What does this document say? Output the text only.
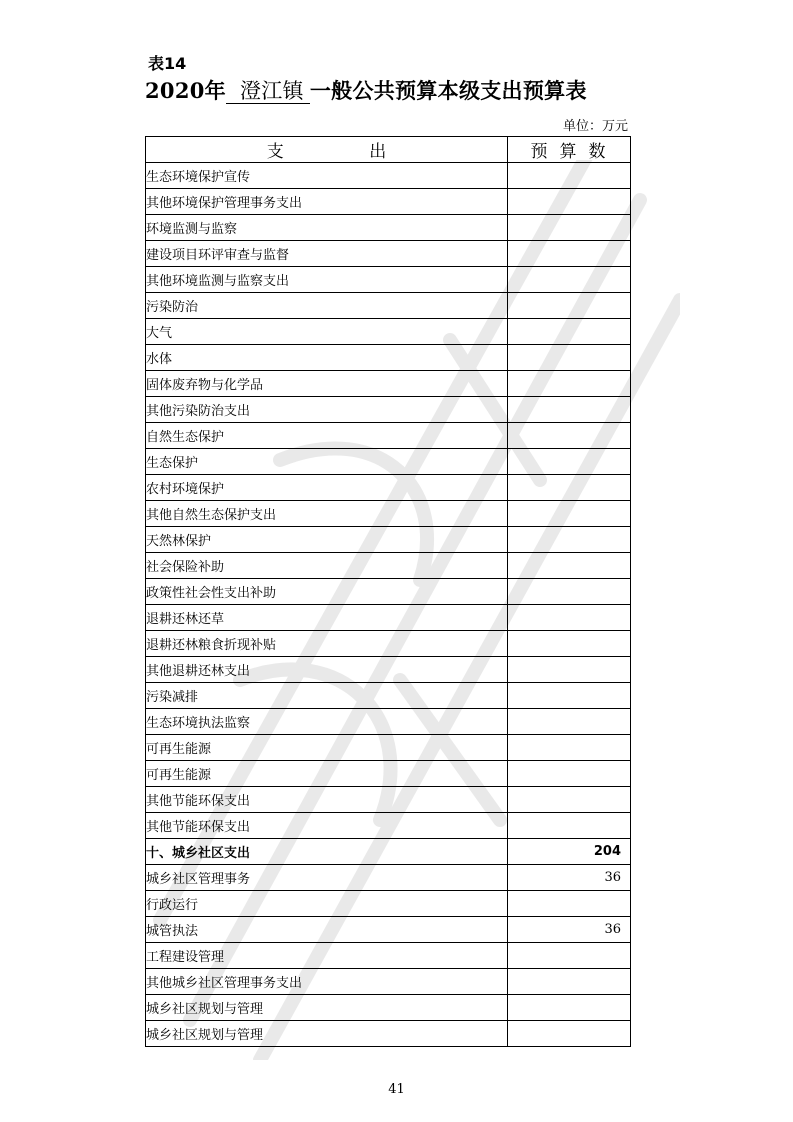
表14
2020年 澄江镇 一般公共预算本级支出预算表
单位：万元
支 出	预算数
生态环境保护宣传	
其他环境保护管理事务支出	
环境监测与监察	
建设项目环评审查与监督	
其他环境监测与监察支出	
污染防治	
大气	
水体	
固体废弃物与化学品	
其他污染防治支出	
自然生态保护	
生态保护	
农村环境保护	
其他自然生态保护支出	
天然林保护	
社会保险补助	
政策性社会性支出补助	
退耕还林还草	
退耕还林粮食折现补贴	
其他退耕还林支出	
污染减排	
生态环境执法监察	
可再生能源	
可再生能源	
其他节能环保支出	
其他节能环保支出	
十、城乡社区支出	204
城乡社区管理事务	36
行政运行	
城管执法	36
工程建设管理	
其他城乡社区管理事务支出	
城乡社区规划与管理	
城乡社区规划与管理	
41
